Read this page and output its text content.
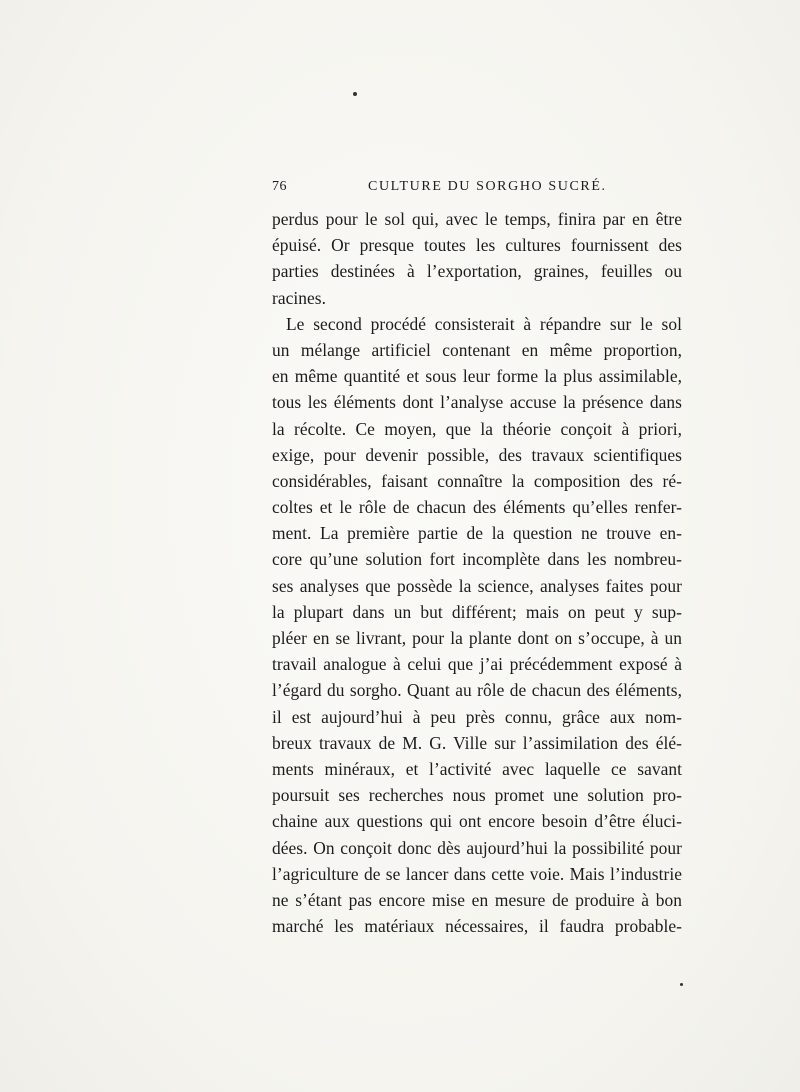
76	CULTURE DU SORGHO SUCRÉ.
perdus pour le sol qui, avec le temps, finira par en être
épuisé. Or presque toutes les cultures fournissent des
parties destinées à l’exportation, graines, feuilles ou
racines.
Le second procédé consisterait à répandre sur le sol
un mélange artificiel contenant en même proportion,
en même quantité et sous leur forme la plus assimilable,
tous les éléments dont l’analyse accuse la présence dans
la récolte. Ce moyen, que la théorie conçoit à priori,
exige, pour devenir possible, des travaux scientifiques
considérables, faisant connaître la composition des ré-
coltes et le rôle de chacun des éléments qu’elles renfer-
ment. La première partie de la question ne trouve en-
core qu’une solution fort incomplète dans les nombreu-
ses analyses que possède la science, analyses faites pour
la plupart dans un but différent; mais on peut y sup-
pléer en se livrant, pour la plante dont on s’occupe, à un
travail analogue à celui que j’ai précédemment exposé à
l’égard du sorgho. Quant au rôle de chacun des éléments,
il est aujourd’hui à peu près connu, grâce aux nom-
breux travaux de M. G. Ville sur l’assimilation des élé-
ments minéraux, et l’activité avec laquelle ce savant
poursuit ses recherches nous promet une solution pro-
chaine aux questions qui ont encore besoin d’être éluci-
dées. On conçoit donc dès aujourd’hui la possibilité pour
l’agriculture de se lancer dans cette voie. Mais l’industrie
ne s’étant pas encore mise en mesure de produire à bon
marché les matériaux nécessaires, il faudra probable-
